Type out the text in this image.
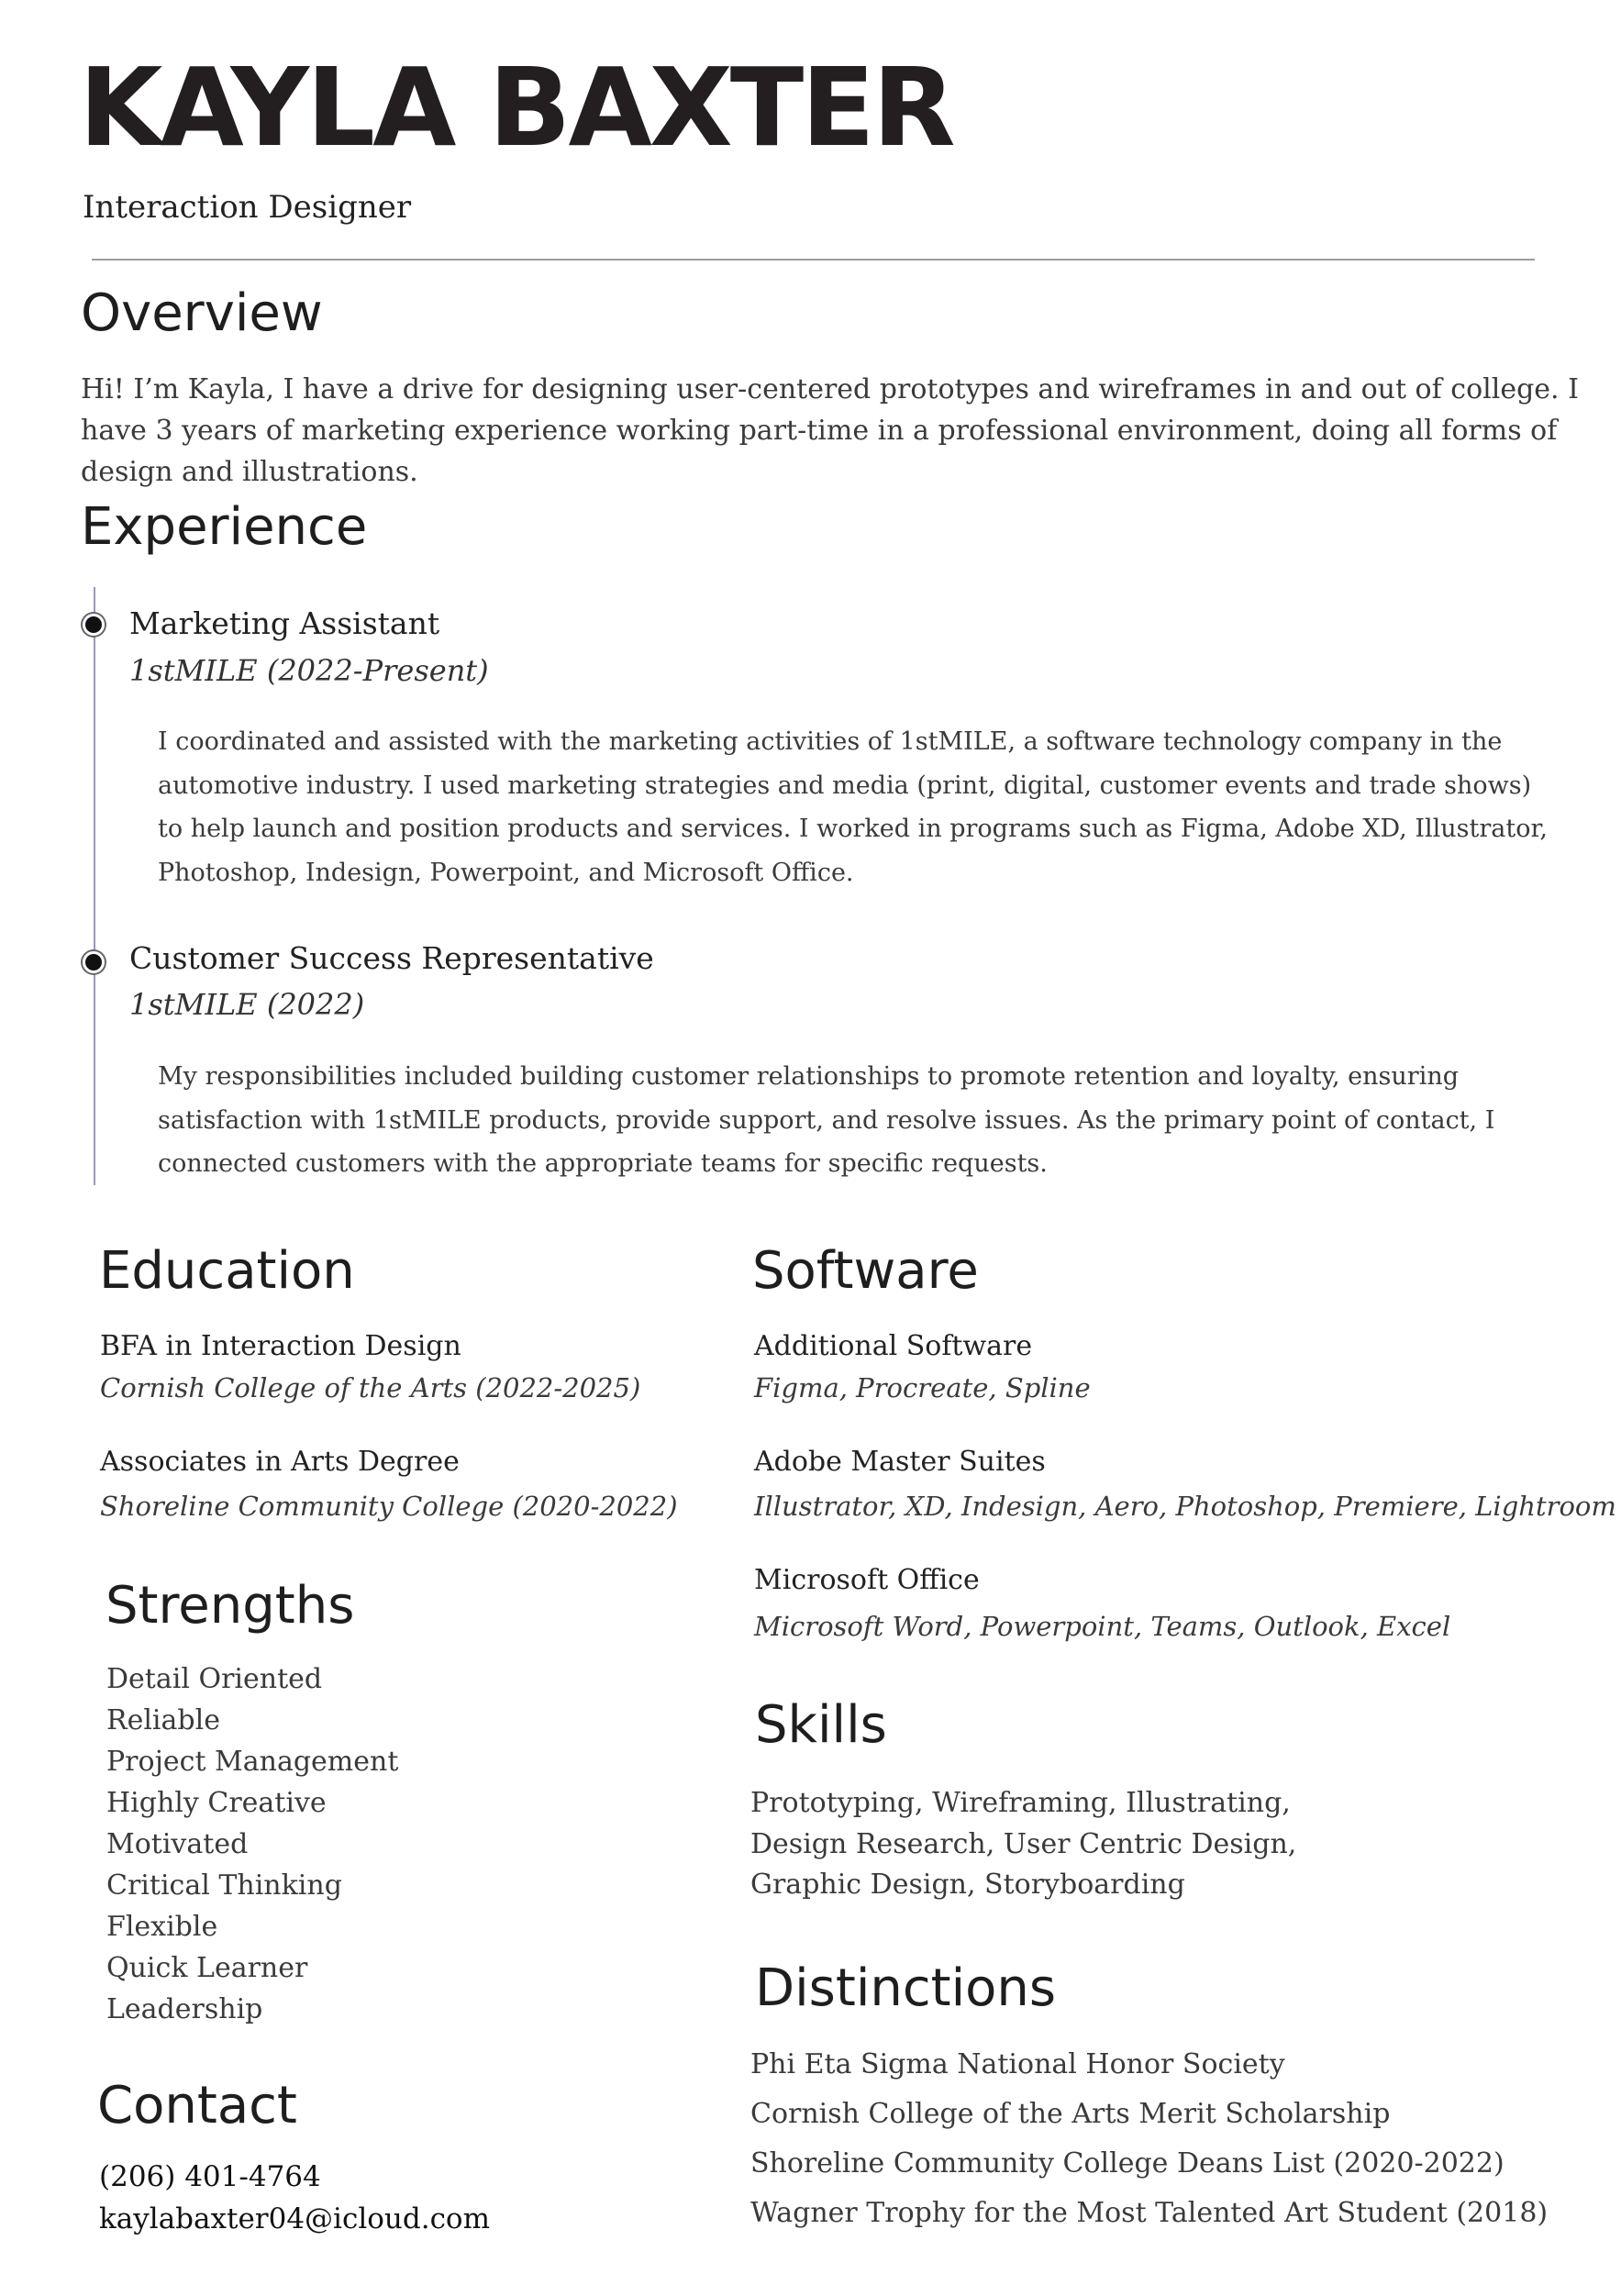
KAYLA BAXTER
Interaction Designer
Overview
Hi! I’m Kayla, I have a drive for designing user-centered prototypes and wireframes in and out of college. I have 3 years of marketing experience working part-time in a professional environment, doing all forms of design and illustrations.
Experience
Marketing Assistant
1stMILE (2022-Present)
I coordinated and assisted with the marketing activities of 1stMILE, a software technology company in the automotive industry. I used marketing strategies and media (print, digital, customer events and trade shows) to help launch and position products and services. I worked in programs such as Figma, Adobe XD, Illustrator, Photoshop, Indesign, Powerpoint, and Microsoft Office.
Customer Success Representative
1stMILE (2022)
My responsibilities included building customer relationships to promote retention and loyalty, ensuring satisfaction with 1stMILE products, provide support, and resolve issues. As the primary point of contact, I connected customers with the appropriate teams for specific requests.
Education
BFA in Interaction Design
Cornish College of the Arts (2022-2025)
Associates in Arts Degree
Shoreline Community College (2020-2022)
Strengths
Detail Oriented
Reliable
Project Management
Highly Creative
Motivated
Critical Thinking
Flexible
Quick Learner
Leadership
Contact
(206) 401-4764
kaylabaxter04@icloud.com
Software
Additional Software
Figma, Procreate, Spline
Adobe Master Suites
Illustrator, XD, Indesign, Aero, Photoshop, Premiere, Lightroom
Microsoft Office
Microsoft Word, Powerpoint, Teams, Outlook, Excel
Skills
Prototyping, Wireframing, Illustrating,
Design Research, User Centric Design,
Graphic Design, Storyboarding
Distinctions
Phi Eta Sigma National Honor Society
Cornish College of the Arts Merit Scholarship
Shoreline Community College Deans List (2020-2022)
Wagner Trophy for the Most Talented Art Student (2018)
